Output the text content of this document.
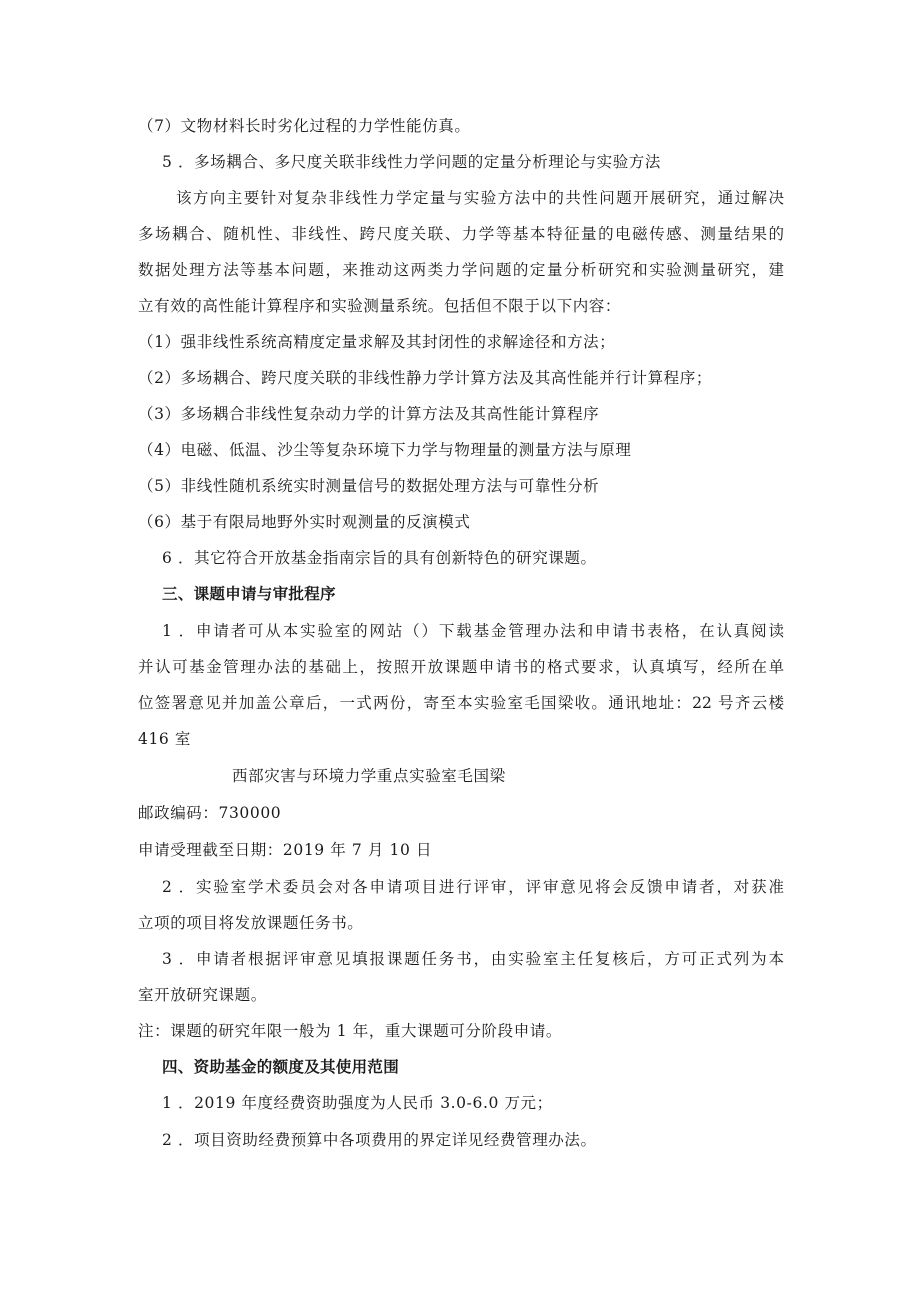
（7）文物材料长时劣化过程的力学性能仿真。
5 ．多场耦合、多尺度关联非线性力学问题的定量分析理论与实验方法
该方向主要针对复杂非线性力学定量与实验方法中的共性问题开展研究，通过解决
多场耦合、随机性、非线性、跨尺度关联、力学等基本特征量的电磁传感、测量结果的
数据处理方法等基本问题，来推动这两类力学问题的定量分析研究和实验测量研究，建
立有效的高性能计算程序和实验测量系统。包括但不限于以下内容：
（1）强非线性系统高精度定量求解及其封闭性的求解途径和方法；
（2）多场耦合、跨尺度关联的非线性静力学计算方法及其高性能并行计算程序；
（3）多场耦合非线性复杂动力学的计算方法及其高性能计算程序
（4）电磁、低温、沙尘等复杂环境下力学与物理量的测量方法与原理
（5）非线性随机系统实时测量信号的数据处理方法与可靠性分析
（6）基于有限局地野外实时观测量的反演模式
6 ．其它符合开放基金指南宗旨的具有创新特色的研究课题。
三、课题申请与审批程序
1 ．申请者可从本实验室的网站（）下载基金管理办法和申请书表格，在认真阅读
并认可基金管理办法的基础上，按照开放课题申请书的格式要求，认真填写，经所在单
位签署意见并加盖公章后，一式两份，寄至本实验室毛国梁收。通讯地址：22 号齐云楼
416 室
西部灾害与环境力学重点实验室毛国梁
邮政编码：730000
申请受理截至日期：2019 年 7 月 10 日
2 ．实验室学术委员会对各申请项目进行评审，评审意见将会反馈申请者，对获准
立项的项目将发放课题任务书。
3 ．申请者根据评审意见填报课题任务书，由实验室主任复核后，方可正式列为本
室开放研究课题。
注：课题的研究年限一般为 1 年，重大课题可分阶段申请。
四、资助基金的额度及其使用范围
1 ．2019 年度经费资助强度为人民币 3.0-6.0 万元；
2 ．项目资助经费预算中各项费用的界定详见经费管理办法。
